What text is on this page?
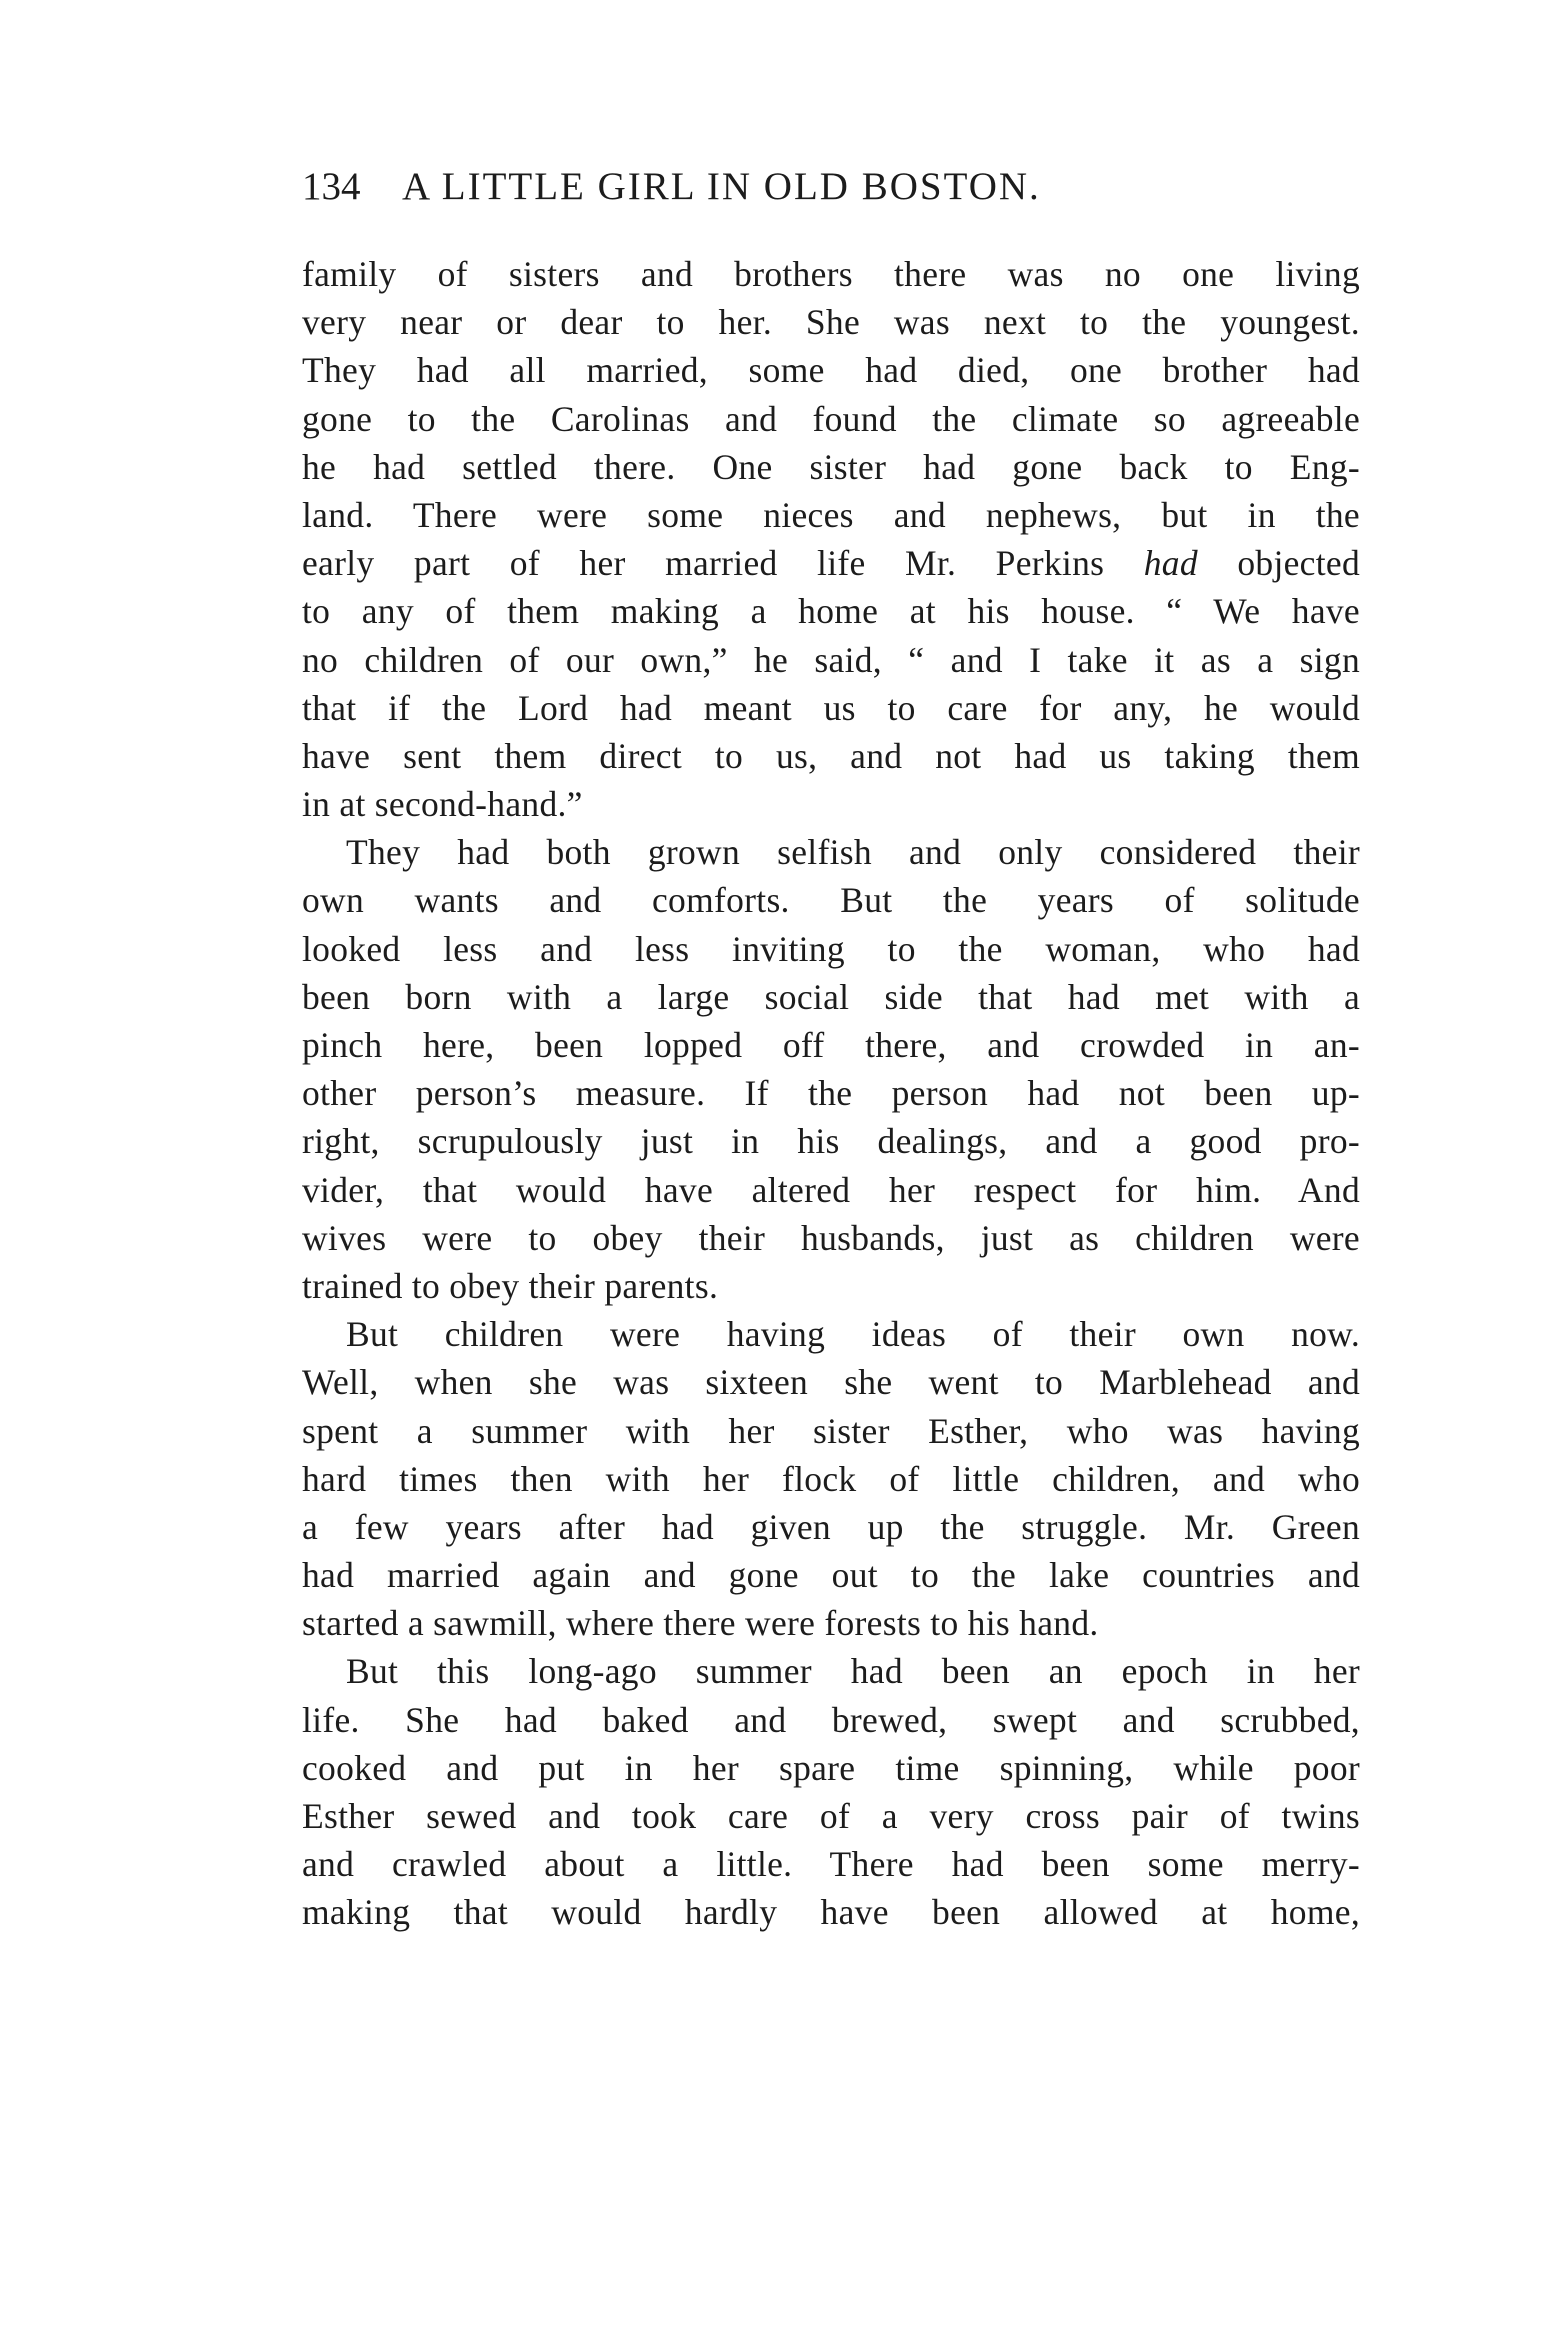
134	A LITTLE GIRL IN OLD BOSTON.
family of sisters and brothers there was no one living
very near or dear to her. She was next to the youngest.
They had all married, some had died, one brother had
gone to the Carolinas and found the climate so agreeable
he had settled there. One sister had gone back to Eng-
land. There were some nieces and nephews, but in the
early part of her married life Mr. Perkins had objected
to any of them making a home at his house. “ We have
no children of our own,” he said, “ and I take it as a sign
that if the Lord had meant us to care for any, he would
have sent them direct to us, and not had us taking them
in at second-hand.”
They had both grown selfish and only considered their
own wants and comforts. But the years of solitude
looked less and less inviting to the woman, who had
been born with a large social side that had met with a
pinch here, been lopped off there, and crowded in an-
other person’s measure. If the person had not been up-
right, scrupulously just in his dealings, and a good pro-
vider, that would have altered her respect for him. And
wives were to obey their husbands, just as children were
trained to obey their parents.
But children were having ideas of their own now.
Well, when she was sixteen she went to Marblehead and
spent a summer with her sister Esther, who was having
hard times then with her flock of little children, and who
a few years after had given up the struggle. Mr. Green
had married again and gone out to the lake countries and
started a sawmill, where there were forests to his hand.
But this long-ago summer had been an epoch in her
life. She had baked and brewed, swept and scrubbed,
cooked and put in her spare time spinning, while poor
Esther sewed and took care of a very cross pair of twins
and crawled about a little. There had been some merry-
making that would hardly have been allowed at home,
